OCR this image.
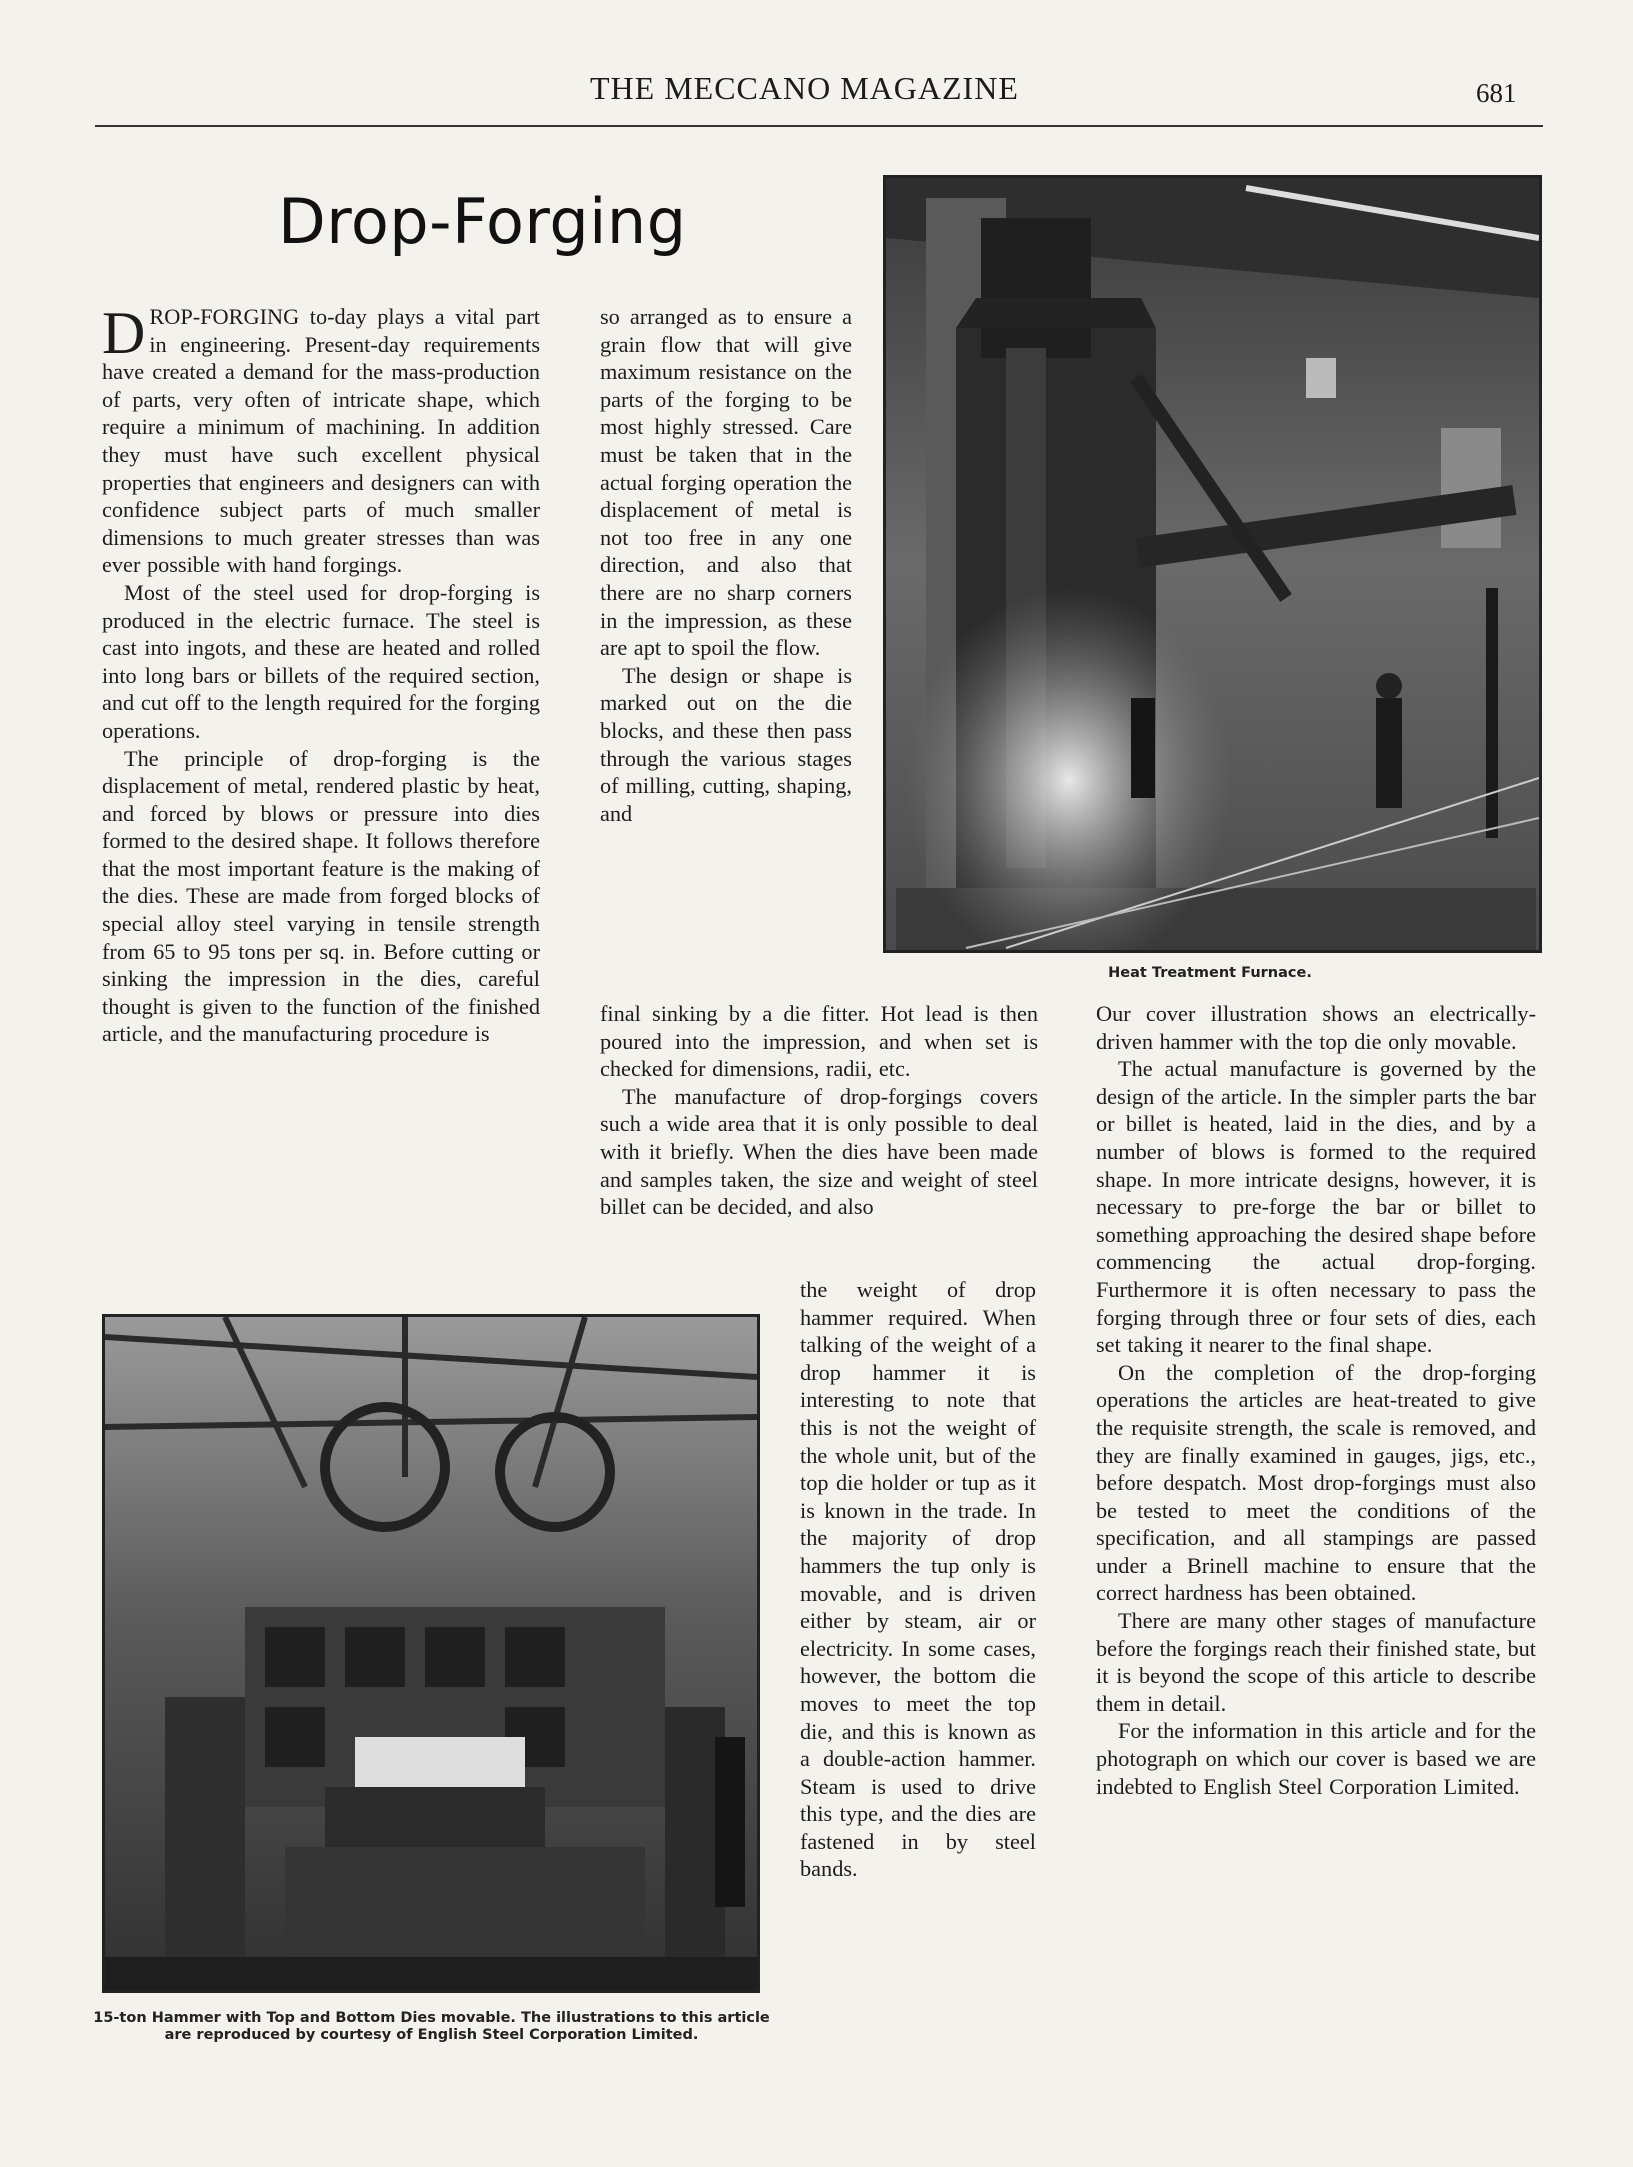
THE MECCANO MAGAZINE	681
Drop-Forging

DROP-FORGING to-day plays a vital part in engineering. Present-day requirements have created a demand for the mass-production of parts, very often of intricate shape, which require a minimum of machining. In addition they must have such excellent physical properties that engineers and designers can with confidence subject parts of much smaller dimensions to much greater stresses than was ever possible with hand forgings.

Most of the steel used for drop-forging is produced in the electric furnace. The steel is cast into ingots, and these are heated and rolled into long bars or billets of the required section, and cut off to the length required for the forging operations.

The principle of drop-forging is the displacement of metal, rendered plastic by heat, and forced by blows or pressure into dies formed to the desired shape. It follows therefore that the most important feature is the making of the dies. These are made from forged blocks of special alloy steel varying in tensile strength from 65 to 95 tons per sq. in. Before cutting or sinking the impression in the dies, careful thought is given to the function of the finished article, and the manufacturing procedure is

so arranged as to ensure a grain flow that will give maximum resistance on the parts of the forging to be most highly stressed. Care must be taken that in the actual forging operation the displacement of metal is not too free in any one direction, and also that there are no sharp corners in the impression, as these are apt to spoil the flow.

The design or shape is marked out on the die blocks, and these then pass through the various stages of milling, cutting, shaping, and

final sinking by a die fitter. Hot lead is then poured into the impression, and when set is checked for dimensions, radii, etc.

The manufacture of drop-forgings covers such a wide area that it is only possible to deal with it briefly. When the dies have been made and samples taken, the size and weight of steel billet can be decided, and also

the weight of drop hammer required. When talking of the weight of a drop hammer it is interesting to note that this is not the weight of the whole unit, but of the top die holder or tup as it is known in the trade. In the majority of drop hammers the tup only is movable, and is driven either by steam, air or electricity. In some cases, however, the bottom die moves to meet the top die, and this is known as a double-action hammer. Steam is used to drive this type, and the dies are fastened in by steel bands.

Our cover illustration shows an electrically-driven hammer with the top die only movable.

The actual manufacture is governed by the design of the article. In the simpler parts the bar or billet is heated, laid in the dies, and by a number of blows is formed to the required shape. In more intricate designs, however, it is necessary to pre-forge the bar or billet to something approaching the desired shape before commencing the actual drop-forging. Furthermore it is often necessary to pass the forging through three or four sets of dies, each set taking it nearer to the final shape.

On the completion of the drop-forging operations the articles are heat-treated to give the requisite strength, the scale is removed, and they are finally examined in gauges, jigs, etc., before despatch. Most drop-forgings must also be tested to meet the conditions of the specification, and all stampings are passed under a Brinell machine to ensure that the correct hardness has been obtained.

There are many other stages of manufacture before the forgings reach their finished state, but it is beyond the scope of this article to describe them in detail.

For the information in this article and for the photograph on which our cover is based we are indebted to English Steel Corporation Limited.

Heat Treatment Furnace.
15-ton Hammer with Top and Bottom Dies movable. The illustrations to this article are reproduced by courtesy of English Steel Corporation Limited.
